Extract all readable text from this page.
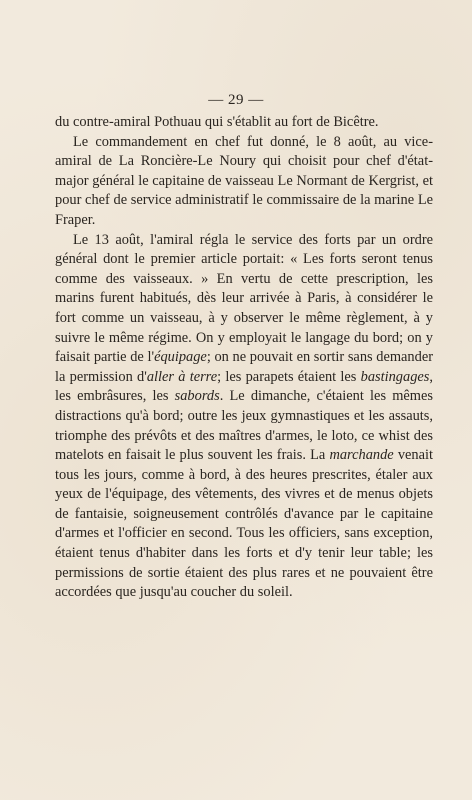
— 29 —

du contre-amiral Pothuau qui s'établit au fort de Bicêtre.

Le commandement en chef fut donné, le 8 août, au vice-amiral de La Roncière-Le Noury qui choisit pour chef d'état-major général le capitaine de vaisseau Le Normant de Kergrist, et pour chef de service administratif le commissaire de la marine Le Fraper.

Le 13 août, l'amiral régla le service des forts par un ordre général dont le premier article portait: « Les forts seront tenus comme des vaisseaux. » En vertu de cette prescription, les marins furent habitués, dès leur arrivée à Paris, à considérer le fort comme un vaisseau, à y observer le même règlement, à y suivre le même régime. On y employait le langage du bord; on y faisait partie de l'équipage; on ne pouvait en sortir sans demander la permission d'aller à terre; les parapets étaient les bastingages, les embrâsures, les sabords. Le dimanche, c'étaient les mêmes distractions qu'à bord; outre les jeux gymnastiques et les assauts, triomphe des prévôts et des maîtres d'armes, le loto, ce whist des matelots en faisait le plus souvent les frais. La marchande venait tous les jours, comme à bord, à des heures prescrites, étaler aux yeux de l'équipage, des vêtements, des vivres et de menus objets de fantaisie, soigneusement contrôlés d'avance par le capitaine d'armes et l'officier en second. Tous les officiers, sans exception, étaient tenus d'habiter dans les forts et d'y tenir leur table; les permissions de sortie étaient des plus rares et ne pouvaient être accordées que jusqu'au coucher du soleil.
